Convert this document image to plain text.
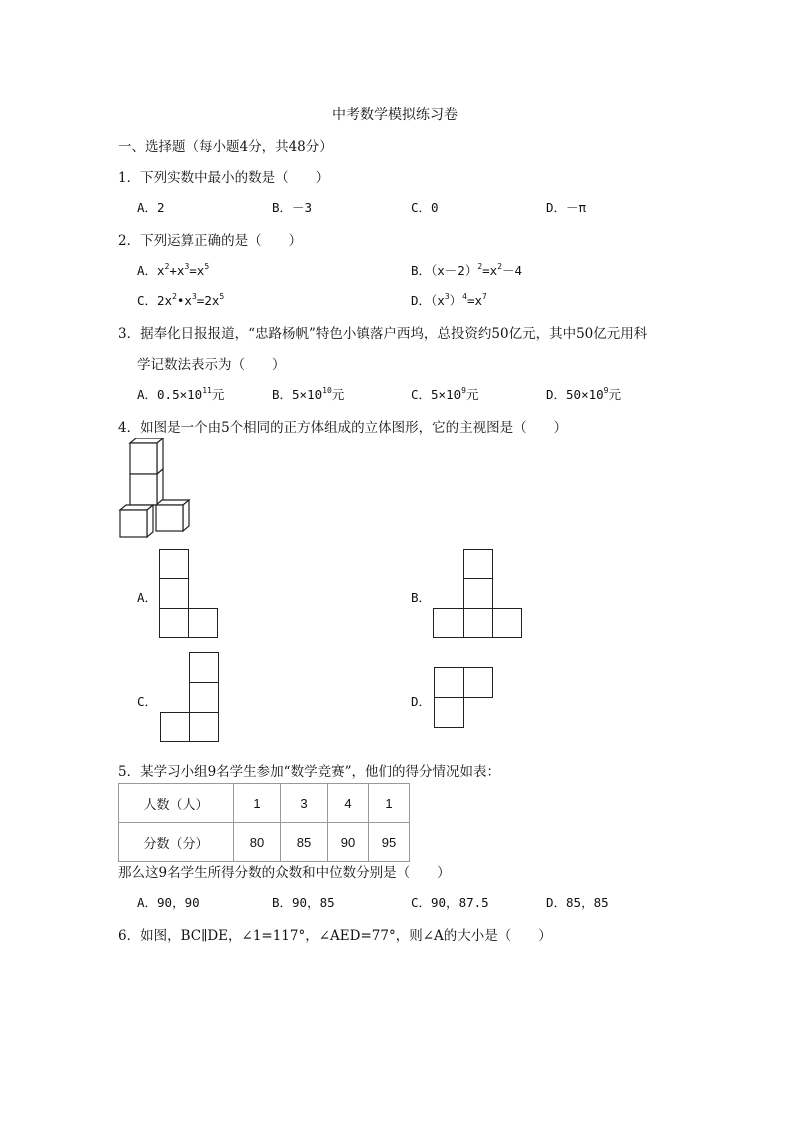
中考数学模拟练习卷
一、选择题（每小题4分，共48分）
1．下列实数中最小的数是（　　）
A．2	B．－3	C．0	D．－π
2．下列运算正确的是（　　）
A．$x^2+x^3=x^5$	B．$(x-2)^2=x^2-4$
C．$2x^2•x^3=2x^5$	D．$(x^3)^4=x^7$
3．据奉化日报报道，“忠路杨帆”特色小镇落户西坞，总投资约50亿元，其中50亿元用科
学记数法表示为（　　）
A．$0.5\times 10^{11}$元	B．$5\times 10^{10}$元	C．$5\times 10^9$元	D．$50\times 10^9$元
4．如图是一个由5个相同的正方体组成的立体图形，它的主视图是（　　）
A．	B．
C．	D．
5．某学习小组9名学生参加“数学竞赛”，他们的得分情况如表：
人数（人）	1	3	4	1
分数（分）	80	85	90	95
那么这9名学生所得分数的众数和中位数分别是（　　）
A．90，90	B．90，85	C．90，87.5	D．85，85
6．如图，BC∥DE，∠1=117°，∠AED=77°，则∠A的大小是（　　）
